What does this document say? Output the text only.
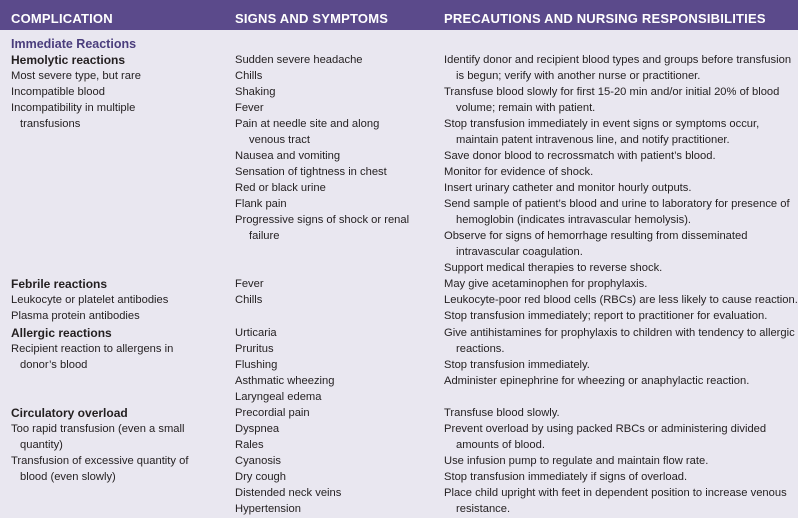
COMPLICATION	SIGNS AND SYMPTOMS	PRECAUTIONS AND NURSING RESPONSIBILITIES
Immediate Reactions
Hemolytic reactions
Most severe type, but rare
Incompatible blood
Incompatibility in multiple
transfusions
Sudden severe headache
Chills
Shaking
Fever
Pain at needle site and along
venous tract
Nausea and vomiting
Sensation of tightness in chest
Red or black urine
Flank pain
Progressive signs of shock or renal
failure
Identify donor and recipient blood types and groups before transfusion
is begun; verify with another nurse or practitioner.
Transfuse blood slowly for first 15-20 min and/or initial 20% of blood
volume; remain with patient.
Stop transfusion immediately in event signs or symptoms occur,
maintain patent intravenous line, and notify practitioner.
Save donor blood to recrossmatch with patient’s blood.
Monitor for evidence of shock.
Insert urinary catheter and monitor hourly outputs.
Send sample of patient’s blood and urine to laboratory for presence of
hemoglobin (indicates intravascular hemolysis).
Observe for signs of hemorrhage resulting from disseminated
intravascular coagulation.
Support medical therapies to reverse shock.
Febrile reactions
Leukocyte or platelet antibodies
Plasma protein antibodies
Fever
Chills
May give acetaminophen for prophylaxis.
Leukocyte-poor red blood cells (RBCs) are less likely to cause reaction.
Stop transfusion immediately; report to practitioner for evaluation.
Allergic reactions
Recipient reaction to allergens in
donor’s blood
Urticaria
Pruritus
Flushing
Asthmatic wheezing
Laryngeal edema
Give antihistamines for prophylaxis to children with tendency to allergic
reactions.
Stop transfusion immediately.
Administer epinephrine for wheezing or anaphylactic reaction.
Circulatory overload
Too rapid transfusion (even a small
quantity)
Transfusion of excessive quantity of
blood (even slowly)
Precordial pain
Dyspnea
Rales
Cyanosis
Dry cough
Distended neck veins
Hypertension
Transfuse blood slowly.
Prevent overload by using packed RBCs or administering divided
amounts of blood.
Use infusion pump to regulate and maintain flow rate.
Stop transfusion immediately if signs of overload.
Place child upright with feet in dependent position to increase venous
resistance.
